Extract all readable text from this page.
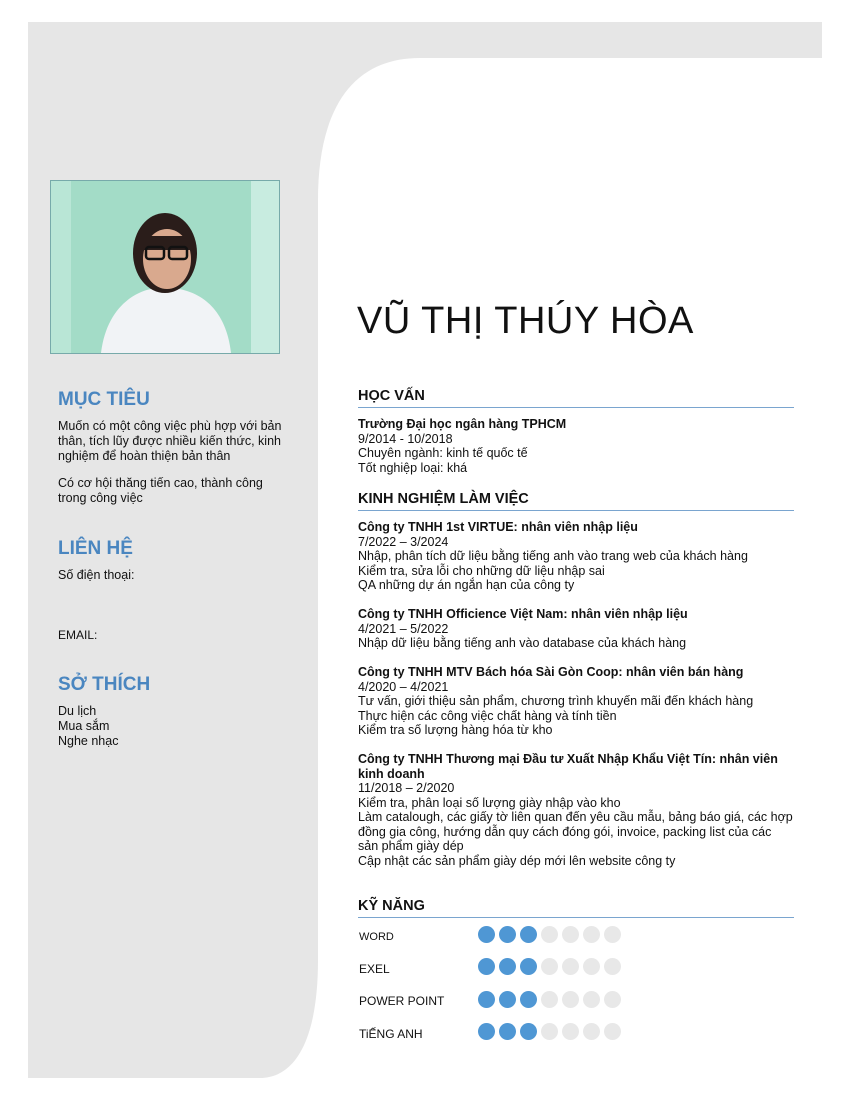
MỤC TIÊU

Muốn có một công việc phù hợp với bản thân, tích lũy được nhiều kiến thức, kinh nghiệm để hoàn thiện bản thân

Có cơ hội thăng tiến cao, thành công trong công việc

LIÊN HỆ

Số điện thoại:

EMAIL:

SỞ THÍCH

Du lịch

Mua sắm

Nghe nhạc

VŨ THỊ THÚY HÒA
HỌC VẤN
Trường Đại học ngân hàng TPHCM
9/2014 - 10/2018
Chuyên ngành: kinh tế quốc tế
Tốt nghiệp loại: khá
KINH NGHIỆM LÀM VIỆC
Công ty TNHH 1st VIRTUE: nhân viên nhập liệu
7/2022 – 3/2024
Nhập, phân tích dữ liệu bằng tiếng anh vào trang web của khách hàng
Kiểm tra, sửa lỗi cho những dữ liệu nhập sai
QA những dự án ngắn hạn của công ty
Công ty TNHH Officience Việt Nam: nhân viên nhập liệu
4/2021 – 5/2022
Nhập dữ liệu bằng tiếng anh vào database của khách hàng
Công ty TNHH MTV Bách hóa Sài Gòn Coop: nhân viên bán hàng
4/2020 – 4/2021
Tư vấn, giới thiệu sản phẩm, chương trình khuyến mãi đến khách hàng
Thực hiện các công việc chất hàng và tính tiền
Kiểm tra số lượng hàng hóa từ kho
Công ty TNHH Thương mại Đầu tư Xuất Nhập Khẩu Việt Tín: nhân viên kinh doanh
11/2018 – 2/2020
Kiểm tra, phân loại số lượng giày nhập vào kho
Làm catalough, các giấy tờ liên quan đến yêu cầu mẫu, bảng báo giá, các hợp đồng gia công, hướng dẫn quy cách đóng gói, invoice, packing list của các sản phẩm giày dép
Cập nhật các sản phẩm giày dép mới lên website công ty
KỸ NĂNG
WORD
EXEL
POWER POINT
TiẾNG ANH
